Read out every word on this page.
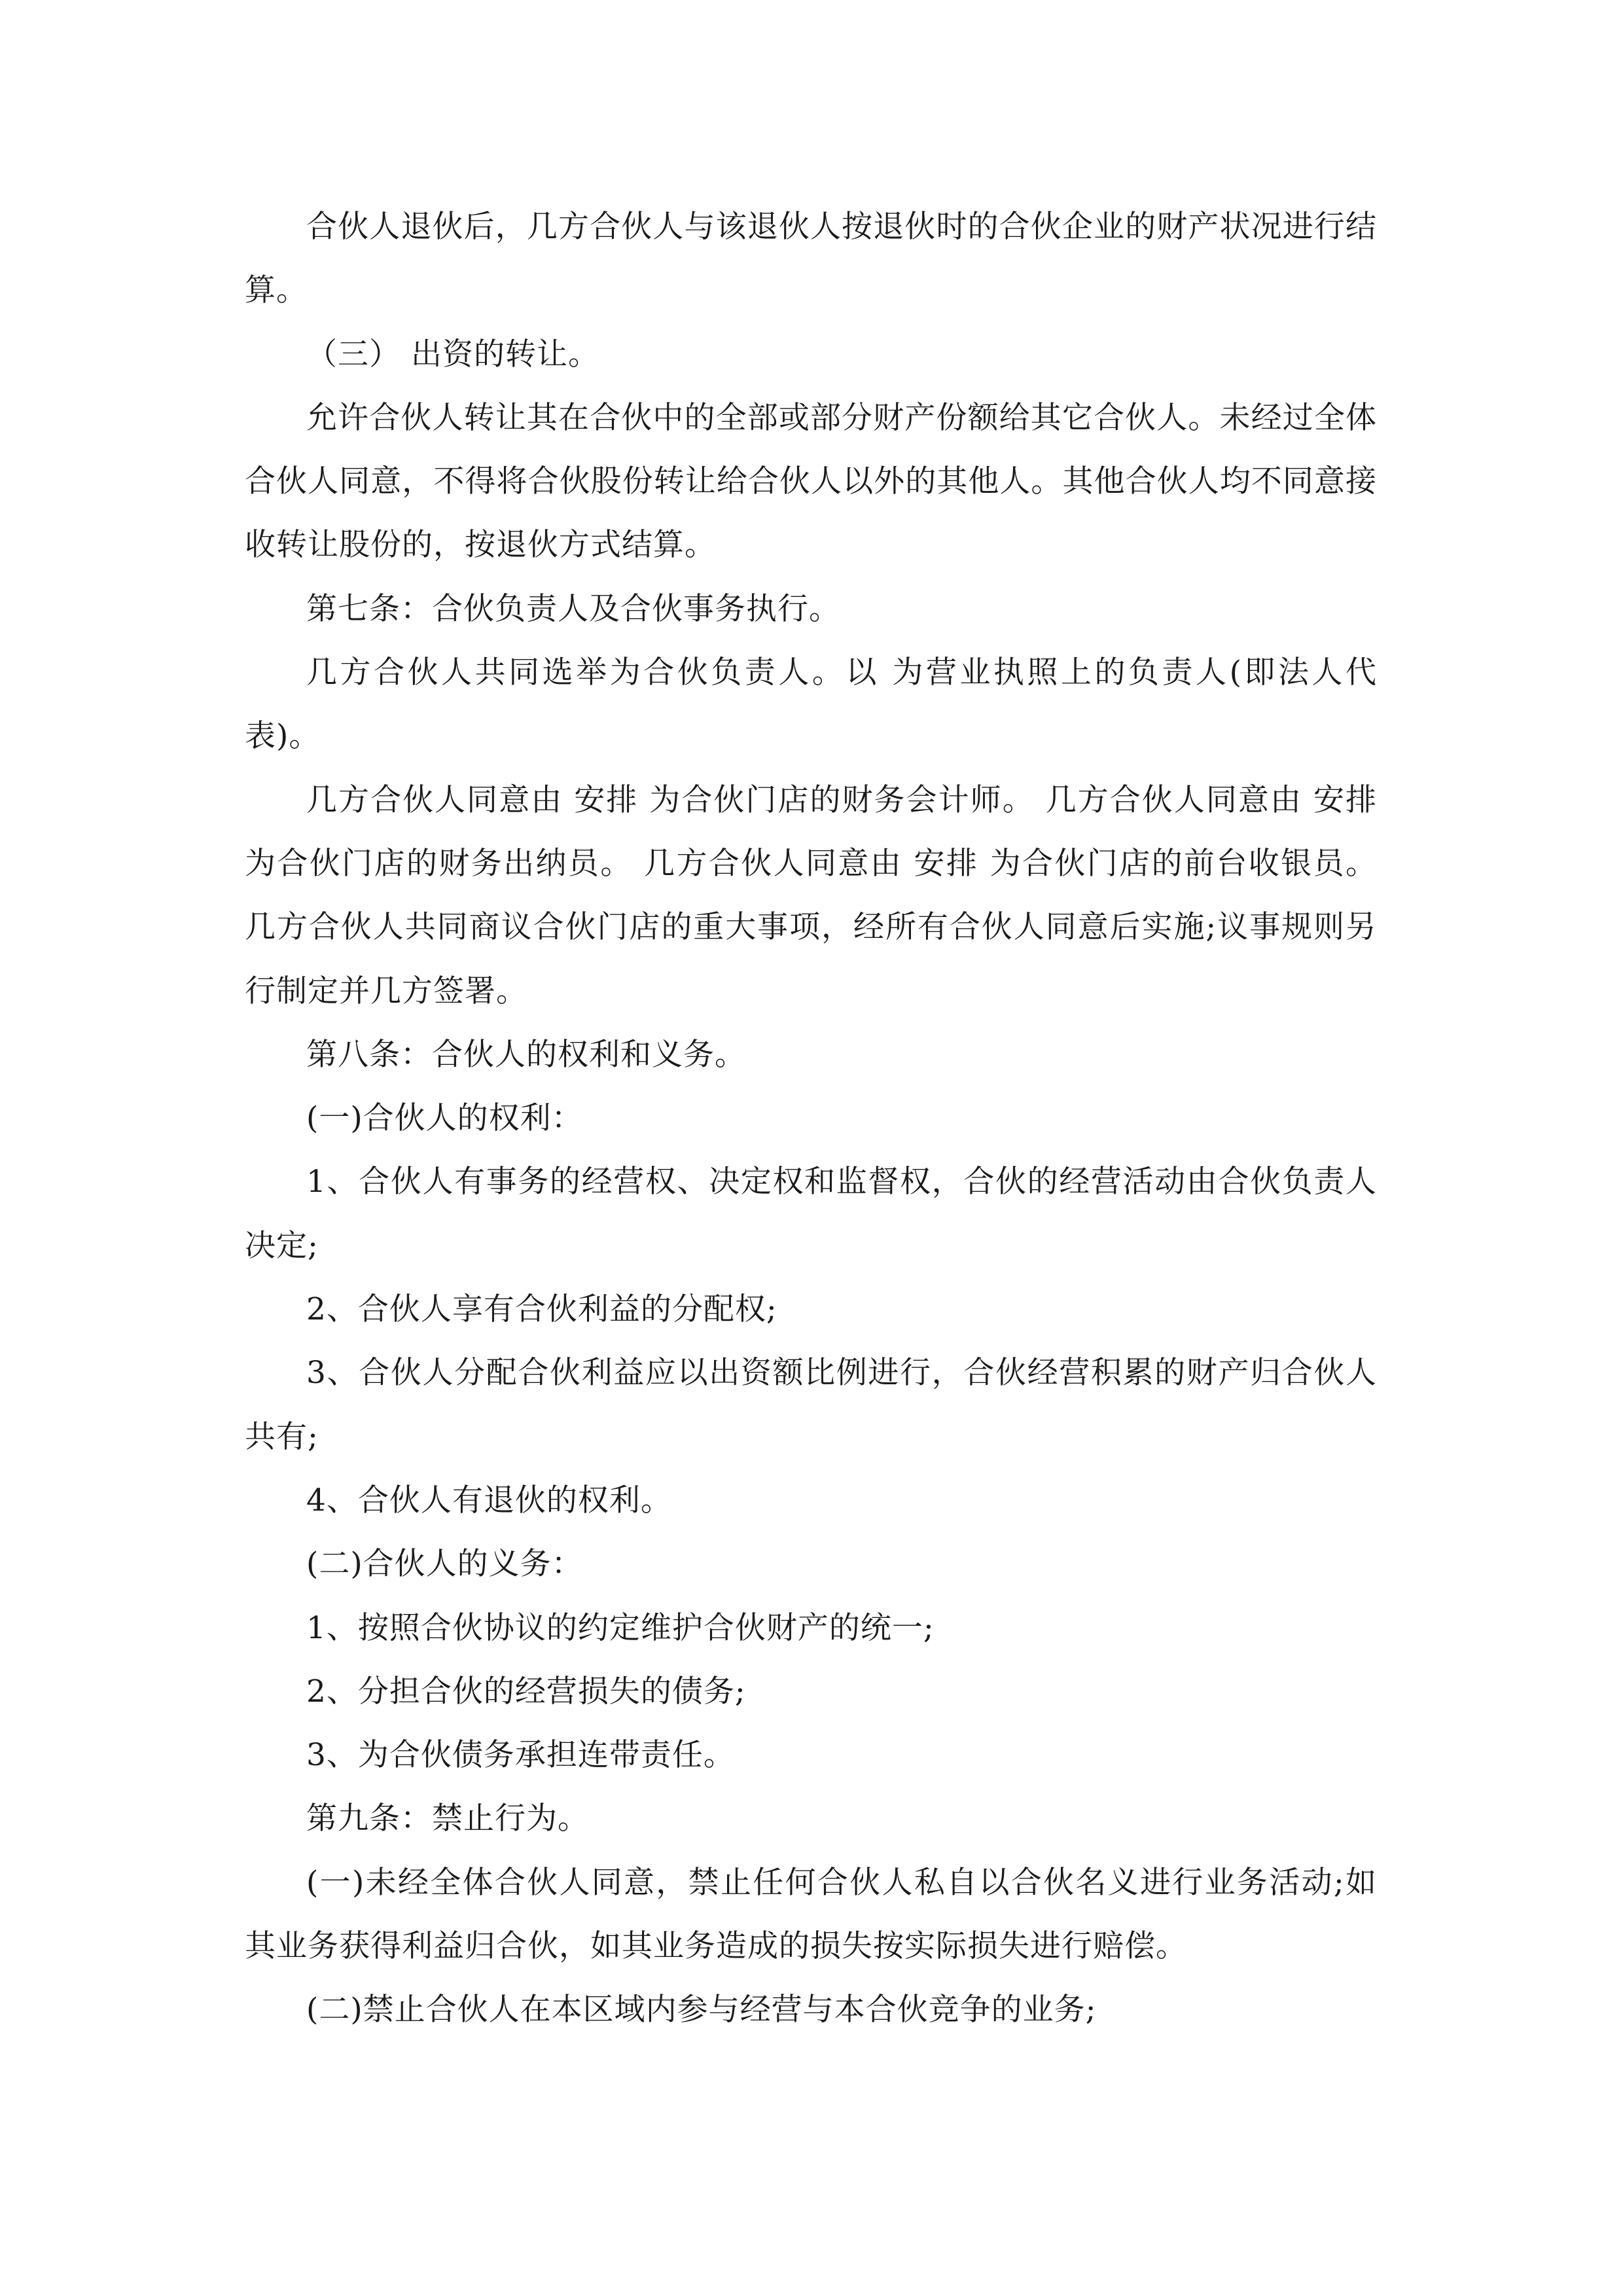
合伙人退伙后，几方合伙人与该退伙人按退伙时的合伙企业的财产状况进行结算。

（三） 出资的转让。

允许合伙人转让其在合伙中的全部或部分财产份额给其它合伙人。未经过全体合伙人同意，不得将合伙股份转让给合伙人以外的其他人。其他合伙人均不同意接收转让股份的，按退伙方式结算。

第七条：合伙负责人及合伙事务执行。

几方合伙人共同选举为合伙负责人。以 为营业执照上的负责人(即法人代表)。

几方合伙人同意由 安排 为合伙门店的财务会计师。 几方合伙人同意由 安排 为合伙门店的财务出纳员。 几方合伙人同意由 安排 为合伙门店的前台收银员。 几方合伙人共同商议合伙门店的重大事项，经所有合伙人同意后实施;议事规则另行制定并几方签署。

第八条：合伙人的权利和义务。

(一)合伙人的权利：

1、合伙人有事务的经营权、决定权和监督权，合伙的经营活动由合伙负责人决定;

2、合伙人享有合伙利益的分配权;

3、合伙人分配合伙利益应以出资额比例进行，合伙经营积累的财产归合伙人共有;

4、合伙人有退伙的权利。

(二)合伙人的义务：

1、按照合伙协议的约定维护合伙财产的统一;

2、分担合伙的经营损失的债务;

3、为合伙债务承担连带责任。

第九条：禁止行为。

(一)未经全体合伙人同意，禁止任何合伙人私自以合伙名义进行业务活动;如其业务获得利益归合伙，如其业务造成的损失按实际损失进行赔偿。

(二)禁止合伙人在本区域内参与经营与本合伙竞争的业务;
